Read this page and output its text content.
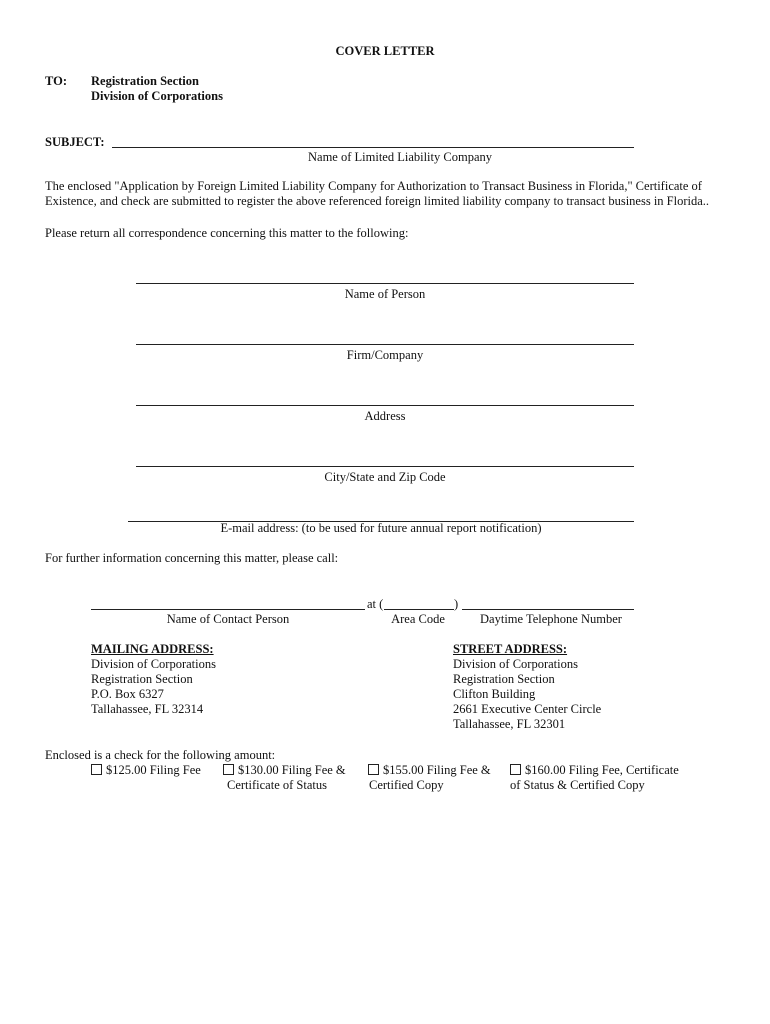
COVER LETTER
TO: Registration Section
Division of Corporations
SUBJECT:
Name of Limited Liability Company
The enclosed "Application by Foreign Limited Liability Company for Authorization to Transact Business in Florida," Certificate of Existence, and check are submitted to register the above referenced foreign limited liability company to transact business in Florida..
Please return all correspondence concerning this matter to the following:
Name of Person
Firm/Company
Address
City/State and Zip Code
E-mail address: (to be used for future annual report notification)
For further information concerning this matter, please call:
at (	)
Name of Contact Person	Area Code	Daytime Telephone Number
MAILING ADDRESS:
Division of Corporations
Registration Section
P.O. Box 6327
Tallahassee, FL 32314
STREET ADDRESS:
Division of Corporations
Registration Section
Clifton Building
2661 Executive Center Circle
Tallahassee, FL 32301
Enclosed is a check for the following amount:
$125.00 Filing Fee	$130.00 Filing Fee &
Certificate of Status
$155.00 Filing Fee &
Certified Copy
$160.00 Filing Fee, Certificate
of Status & Certified Copy
